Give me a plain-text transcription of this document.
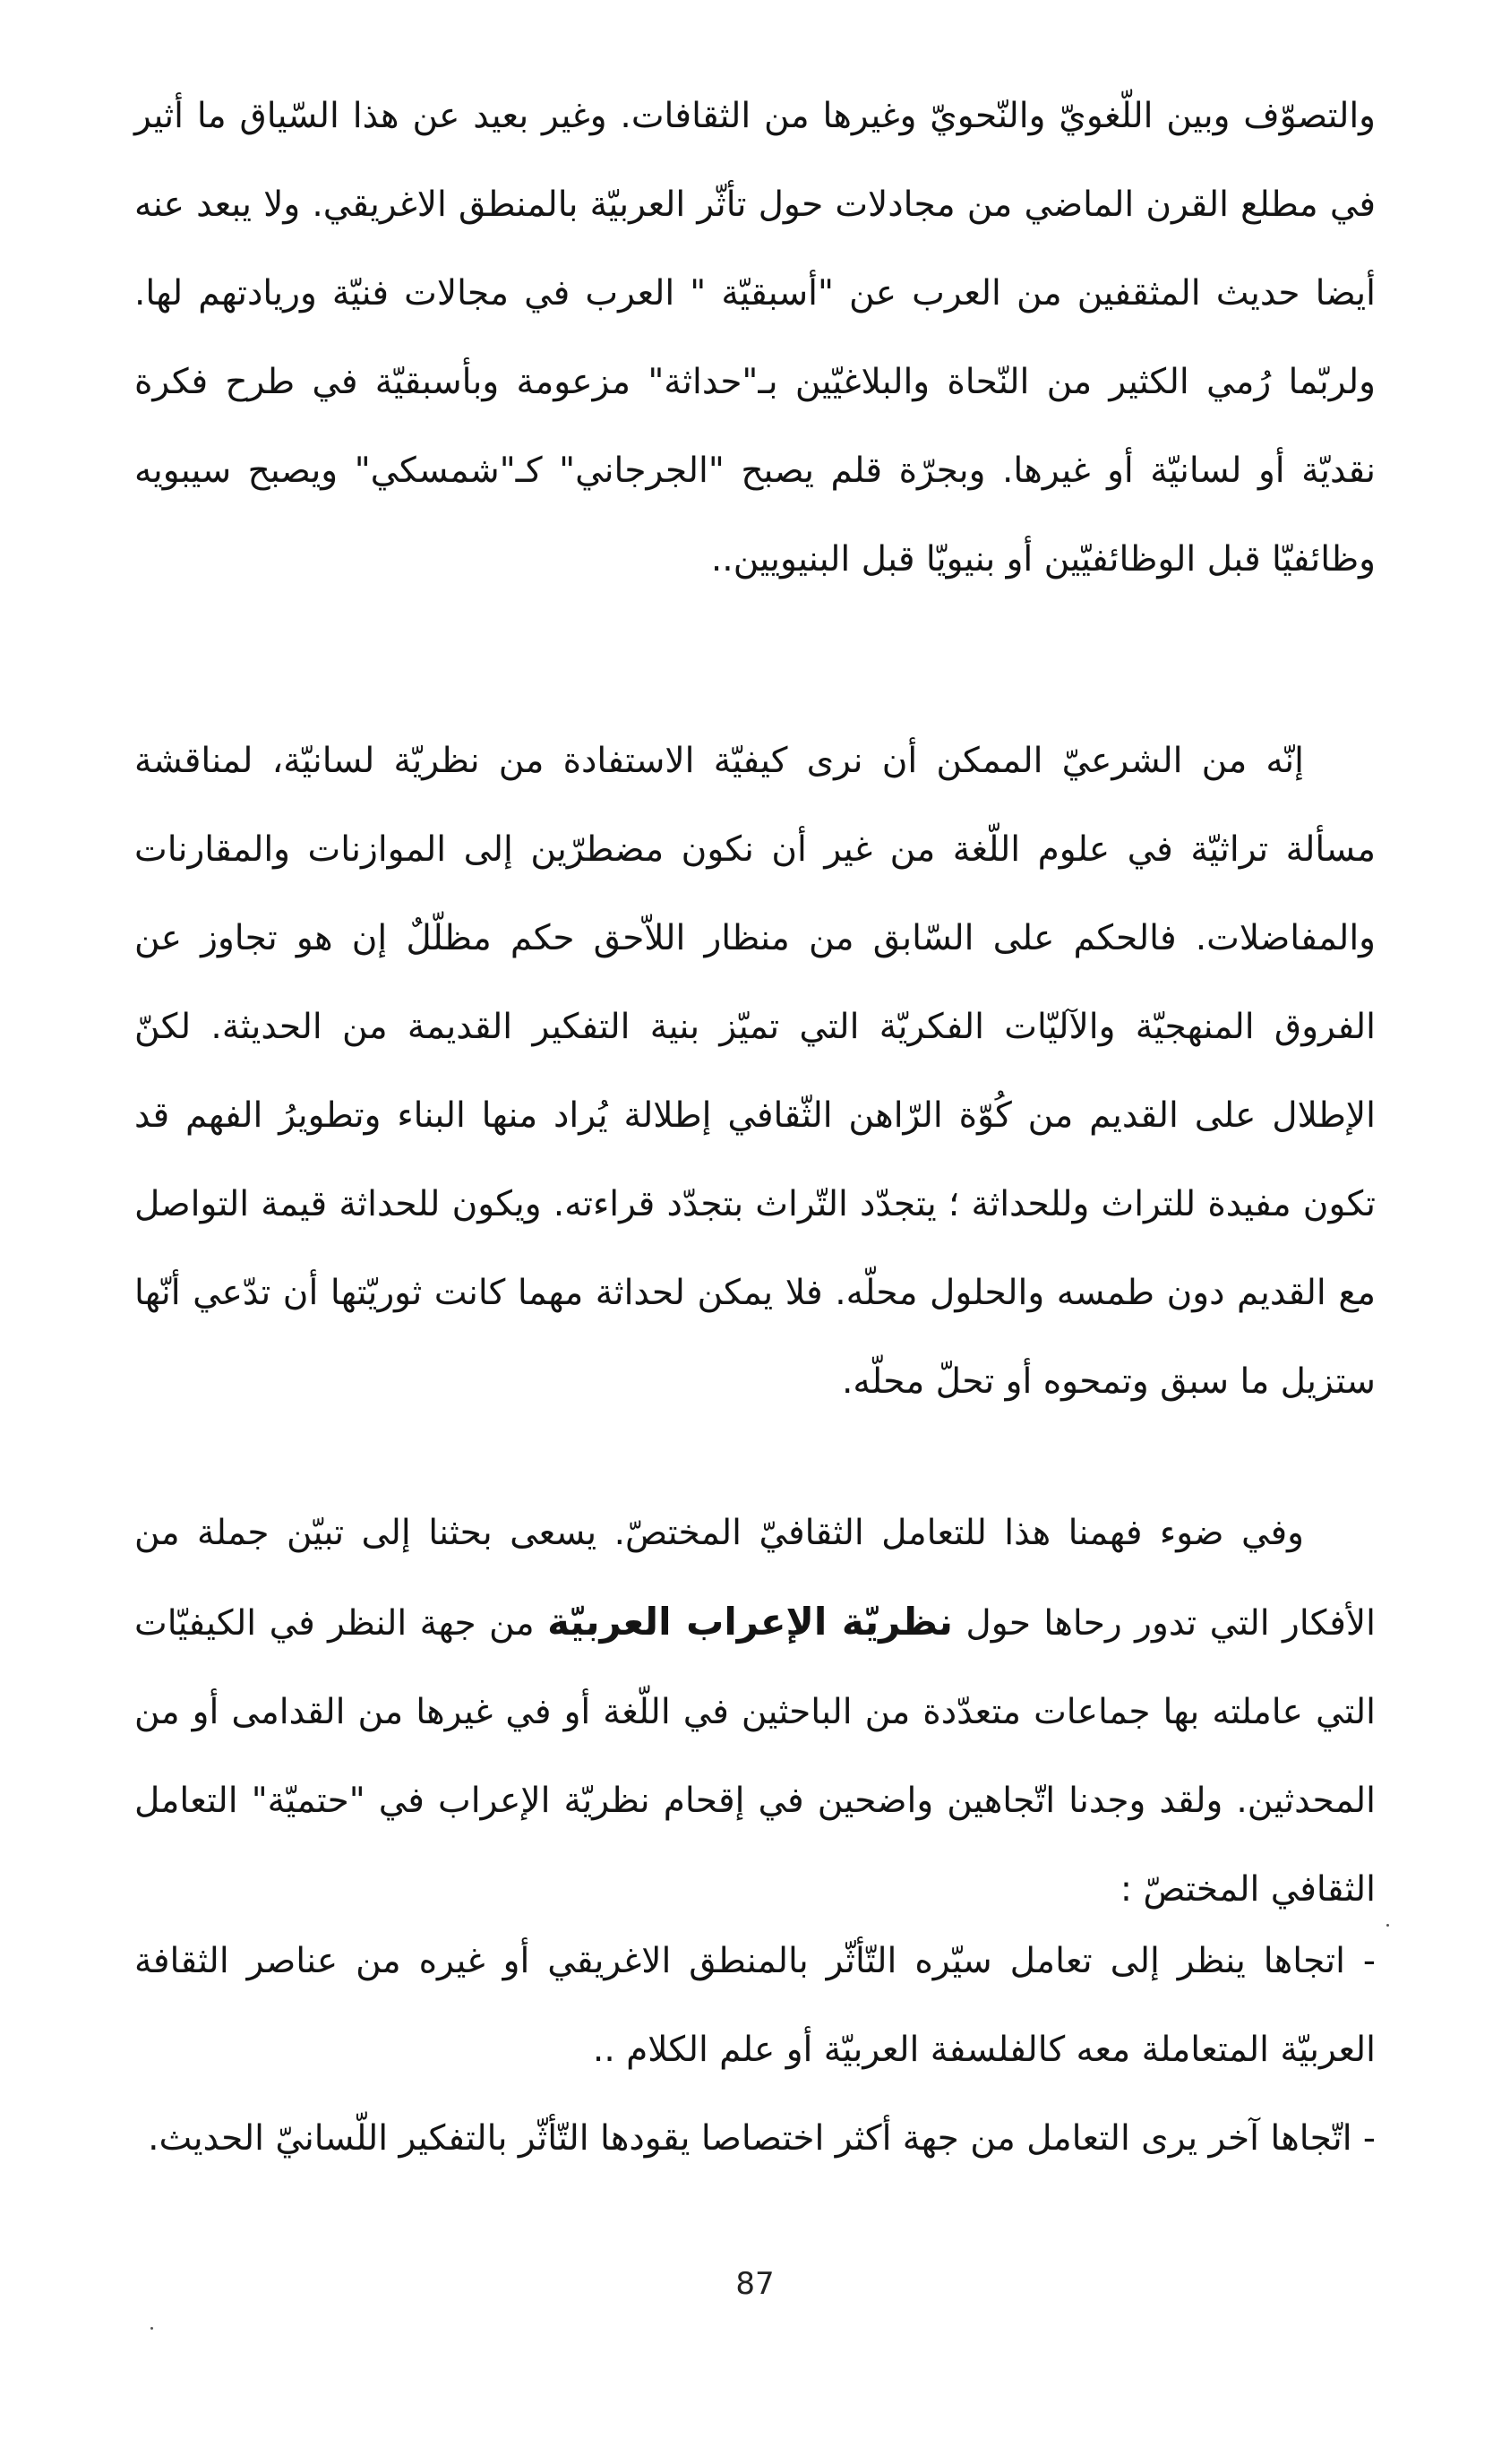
والتصوّف وبين اللّغويّ والنّحويّ وغيرها من الثقافات. وغير بعيد عن هذا السّياق ما أثير في مطلع القرن الماضي من مجادلات حول تأثّر العربيّة بالمنطق الاغريقي. ولا يبعد عنه أيضا حديث المثقفين من العرب عن "أسبقيّة " العرب في مجالات فنيّة وريادتهم لها. ولربّما رُمي الكثير من النّحاة والبلاغيّين بـ"حداثة" مزعومة وبأسبقيّة في طرح فكرة نقديّة أو لسانيّة أو غيرها. وبجرّة قلم يصبح "الجرجاني" كـ"شمسكي" ويصبح سيبويه وظائفيّا قبل الوظائفيّين أو بنيويّا قبل البنيويين..

إنّه من الشرعيّ الممكن أن نرى كيفيّة الاستفادة من نظريّة لسانيّة، لمناقشة مسألة تراثيّة في علوم اللّغة من غير أن نكون مضطرّين إلى الموازنات والمقارنات والمفاضلات. فالحكم على السّابق من منظار اللاّحق حكم مظلّلٌ إن هو تجاوز عن الفروق المنهجيّة والآليّات الفكريّة التي تميّز بنية التفكير القديمة من الحديثة. لكنّ الإطلال على القديم من كُوّة الرّاهن الثّقافي إطلالة يُراد منها البناء وتطويرُ الفهم قد تكون مفيدة للتراث وللحداثة ؛ يتجدّد التّراث بتجدّد قراءته. ويكون للحداثة قيمة التواصل مع القديم دون طمسه والحلول محلّه. فلا يمكن لحداثة مهما كانت ثوريّتها أن تدّعي أنّها ستزيل ما سبق وتمحوه أو تحلّ محلّه.

وفي ضوء فهمنا هذا للتعامل الثقافيّ المختصّ. يسعى بحثنا إلى تبيّن جملة من الأفكار التي تدور رحاها حول نظريّة الإعراب العربيّة من جهة النظر في الكيفيّات التي عاملته بها جماعات متعدّدة من الباحثين في اللّغة أو في غيرها من القدامى أو من المحدثين. ولقد وجدنا اتّجاهين واضحين في إقحام نظريّة الإعراب في "حتميّة" التعامل الثقافي المختصّ :

- اتجاها ينظر إلى تعامل سيّره التّأثّر بالمنطق الاغريقي أو غيره من عناصر الثقافة العربيّة المتعاملة معه كالفلسفة العربيّة أو علم الكلام ..

- اتّجاها آخر يرى التعامل من جهة أكثر اختصاصا يقودها التّأثّر بالتفكير اللّسانيّ الحديث.

87
